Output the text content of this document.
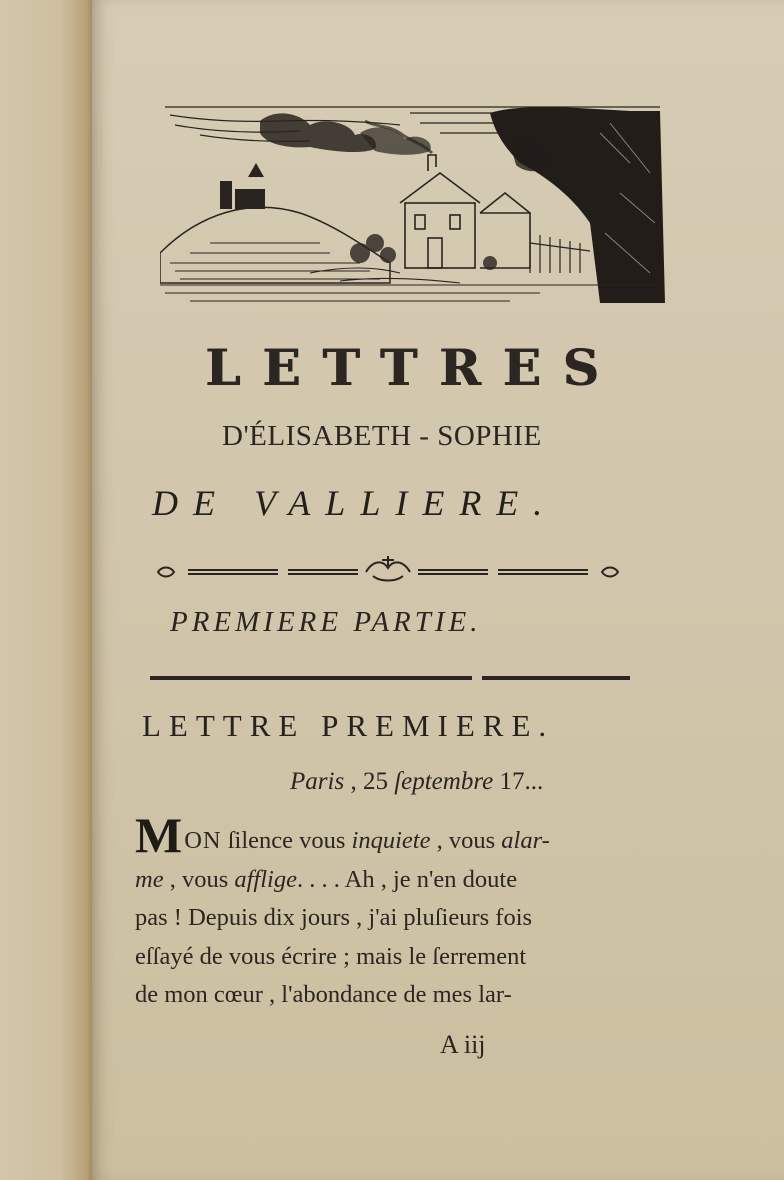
LETTRES
D'ÉLISABETH - SOPHIE
DE VALLIERE.
PREMIERE PARTIE.
LETTRE PREMIERE.
Paris , 25 ſeptembre 17...
MON ſilence vous inquiete , vous alar-
me , vous afflige. . . . Ah , je n'en doute
pas ! Depuis dix jours , j'ai pluſieurs fois
eſſayé de vous écrire ; mais le ſerrement
de mon cœur , l'abondance de mes lar-
A iij
